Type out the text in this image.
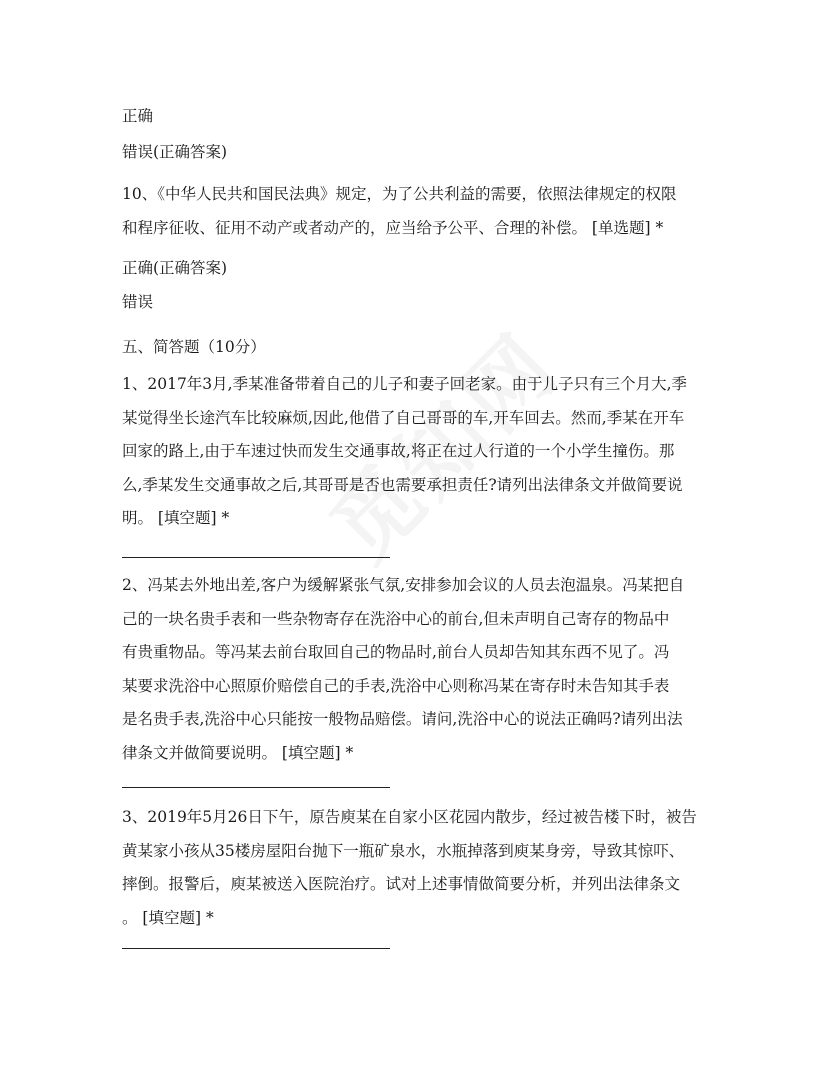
正确
错误(正确答案)
10、《中华人民共和国民法典》规定，为了公共利益的需要，依照法律规定的权限
和程序征收、征用不动产或者动产的，应当给予公平、合理的补偿。 [单选题] *
正确(正确答案)
错误
五、简答题（10分）
1、2017年3月,季某准备带着自己的儿子和妻子回老家。由于儿子只有三个月大,季
某觉得坐长途汽车比较麻烦,因此,他借了自己哥哥的车,开车回去。然而,季某在开车
回家的路上,由于车速过快而发生交通事故,将正在过人行道的一个小学生撞伤。那
么,季某发生交通事故之后,其哥哥是否也需要承担责任?请列出法律条文并做简要说
明。 [填空题] *
2、冯某去外地出差,客户为缓解紧张气氛,安排参加会议的人员去泡温泉。冯某把自
己的一块名贵手表和一些杂物寄存在洗浴中心的前台,但未声明自己寄存的物品中
有贵重物品。等冯某去前台取回自己的物品时,前台人员却告知其东西不见了。冯
某要求洗浴中心照原价赔偿自己的手表,洗浴中心则称冯某在寄存时未告知其手表
是名贵手表,洗浴中心只能按一般物品赔偿。请问,洗浴中心的说法正确吗?请列出法
律条文并做简要说明。 [填空题] *
3、2019年5月26日下午，原告庾某在自家小区花园内散步，经过被告楼下时，被告
黄某家小孩从35楼房屋阳台抛下一瓶矿泉水，水瓶掉落到庾某身旁，导致其惊吓、
摔倒。报警后，庾某被送入医院治疗。试对上述事情做简要分析，并列出法律条文
。 [填空题] *
